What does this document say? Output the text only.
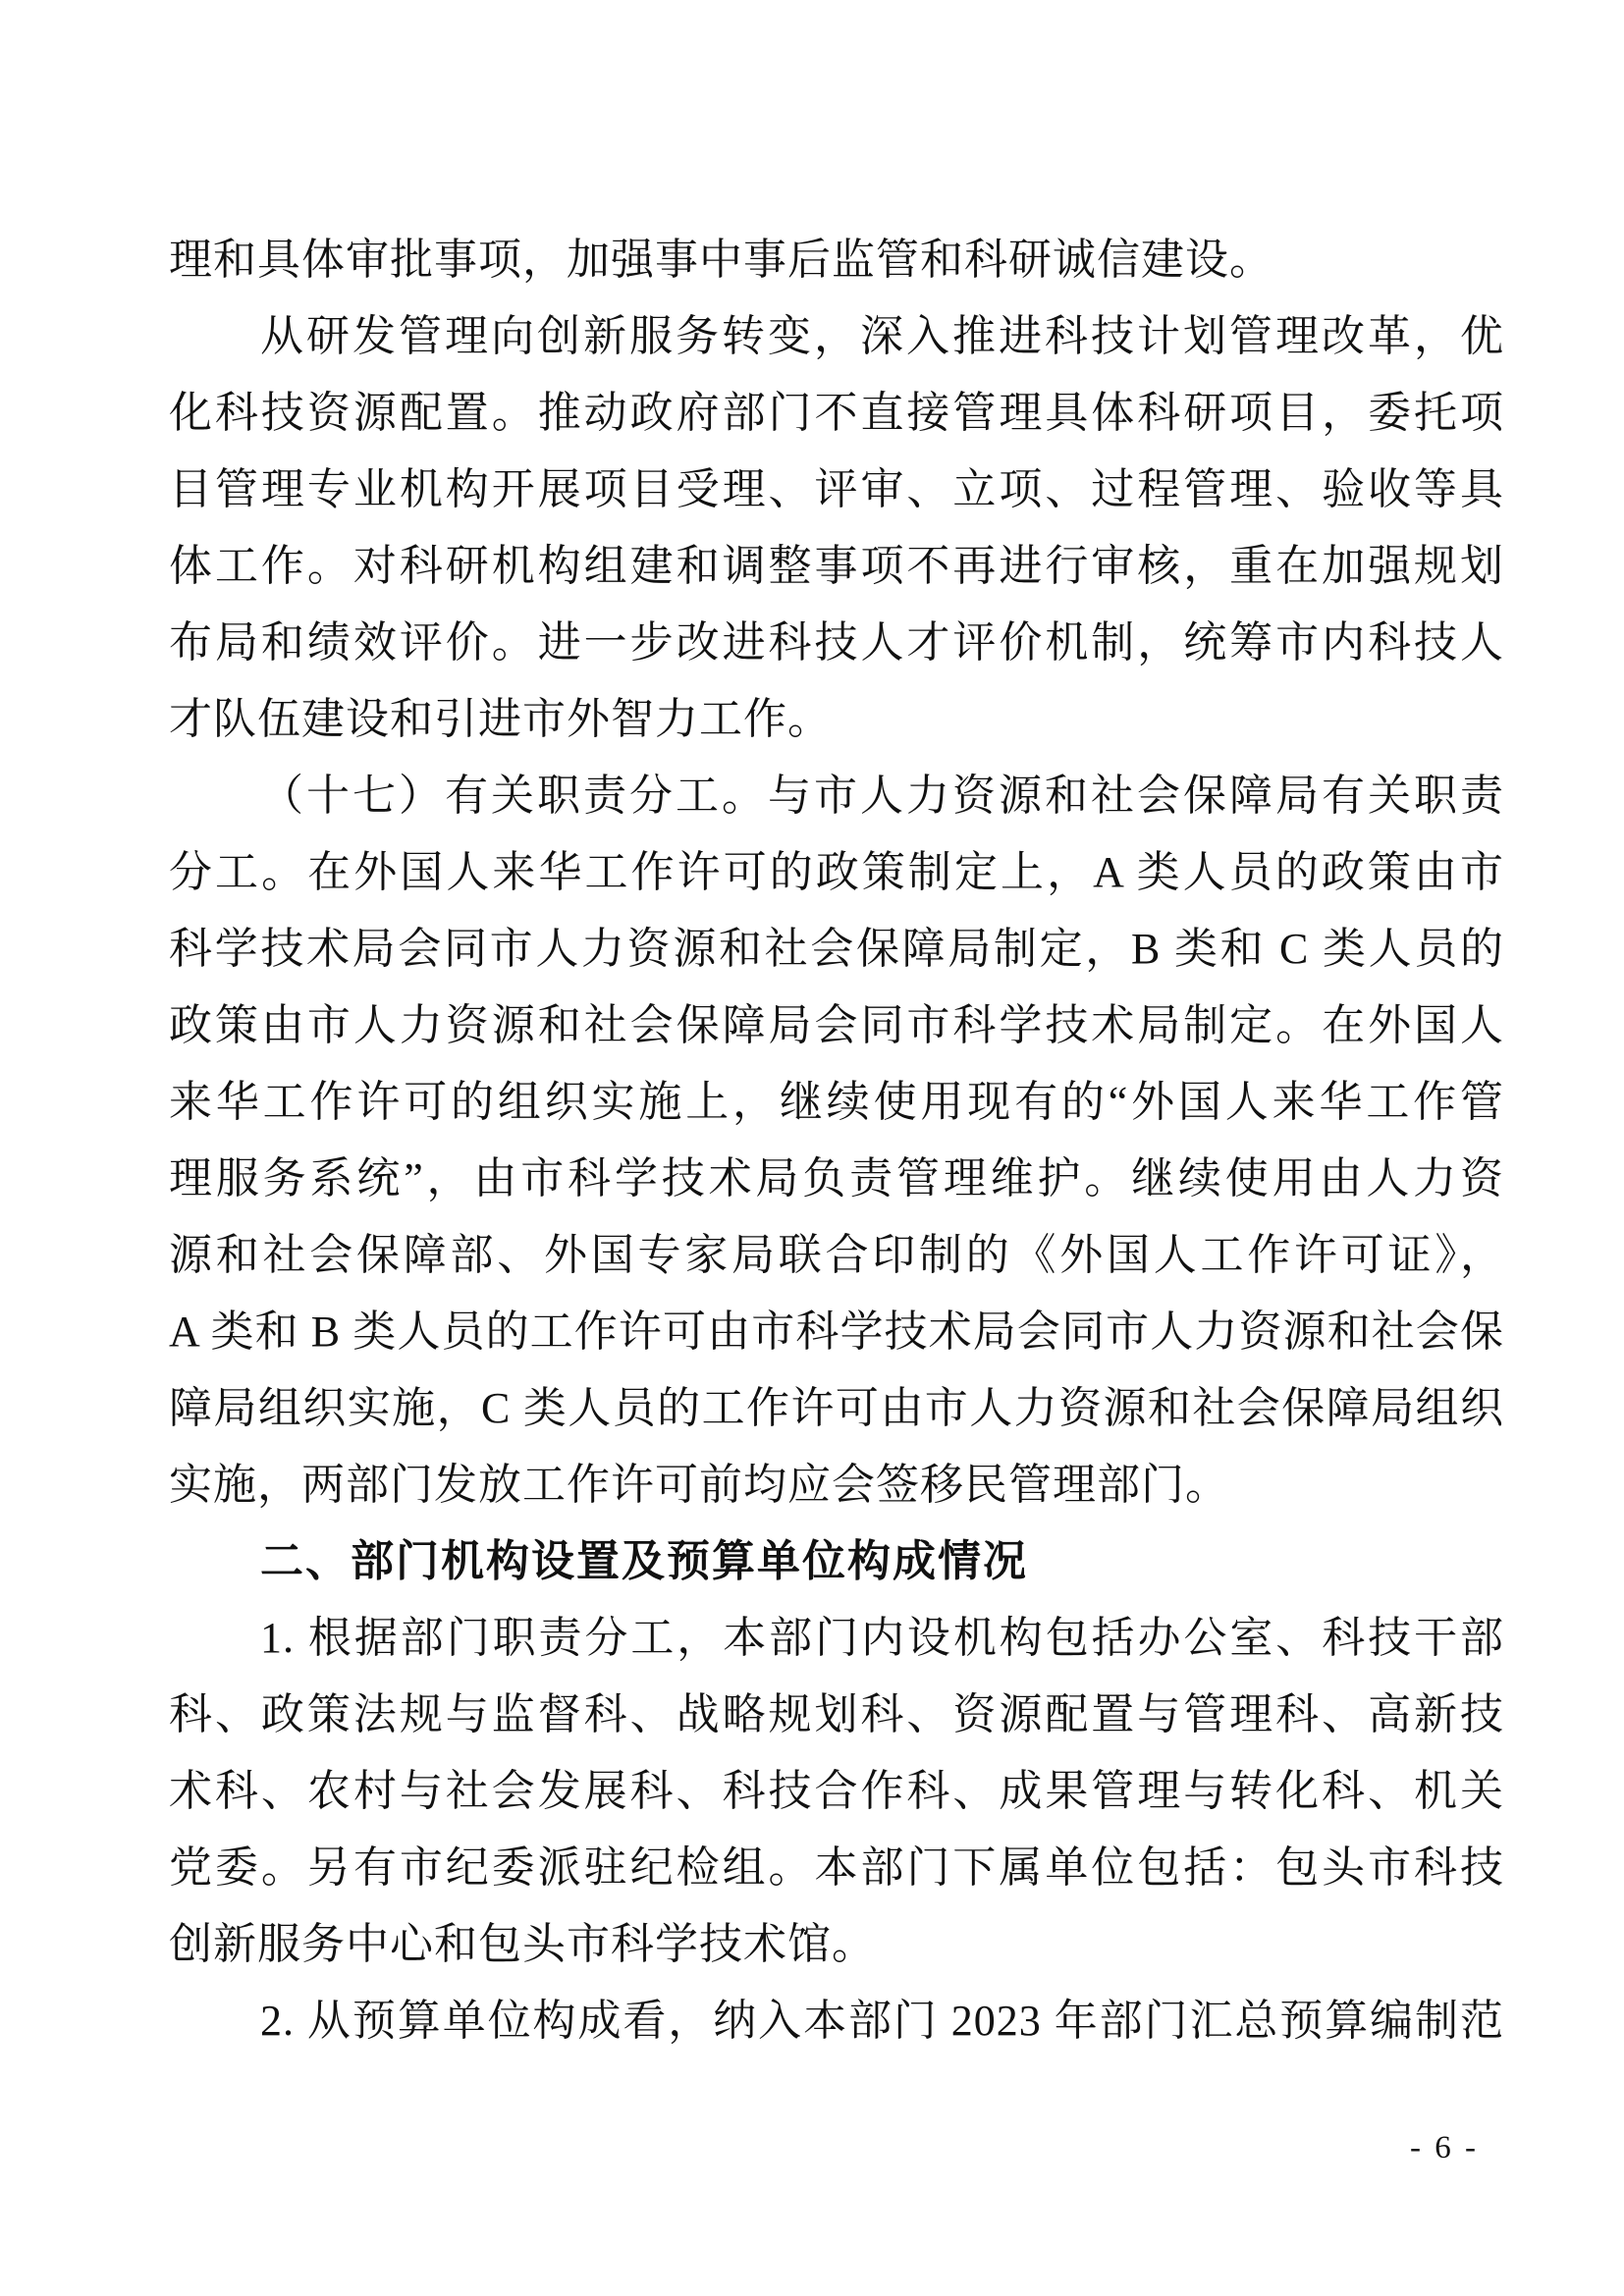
理和具体审批事项，加强事中事后监管和科研诚信建设。
从研发管理向创新服务转变，深入推进科技计划管理改革，优
化科技资源配置。推动政府部门不直接管理具体科研项目，委托项
目管理专业机构开展项目受理、评审、立项、过程管理、验收等具
体工作。对科研机构组建和调整事项不再进行审核，重在加强规划
布局和绩效评价。进一步改进科技人才评价机制，统筹市内科技人
才队伍建设和引进市外智力工作。
（十七）有关职责分工。与市人力资源和社会保障局有关职责
分工。在外国人来华工作许可的政策制定上，A 类人员的政策由市
科学技术局会同市人力资源和社会保障局制定，B 类和 C 类人员的
政策由市人力资源和社会保障局会同市科学技术局制定。在外国人
来华工作许可的组织实施上，继续使用现有的“外国人来华工作管
理服务系统”，由市科学技术局负责管理维护。继续使用由人力资
源和社会保障部、外国专家局联合印制的《外国人工作许可证》，
A 类和 B 类人员的工作许可由市科学技术局会同市人力资源和社会保
障局组织实施，C 类人员的工作许可由市人力资源和社会保障局组织
实施，两部门发放工作许可前均应会签移民管理部门。
二、部门机构设置及预算单位构成情况
1. 根据部门职责分工，本部门内设机构包括办公室、科技干部
科、政策法规与监督科、战略规划科、资源配置与管理科、高新技
术科、农村与社会发展科、科技合作科、成果管理与转化科、机关
党委。另有市纪委派驻纪检组。本部门下属单位包括：包头市科技
创新服务中心和包头市科学技术馆。
2. 从预算单位构成看，纳入本部门 2023 年部门汇总预算编制范
- 6 -
